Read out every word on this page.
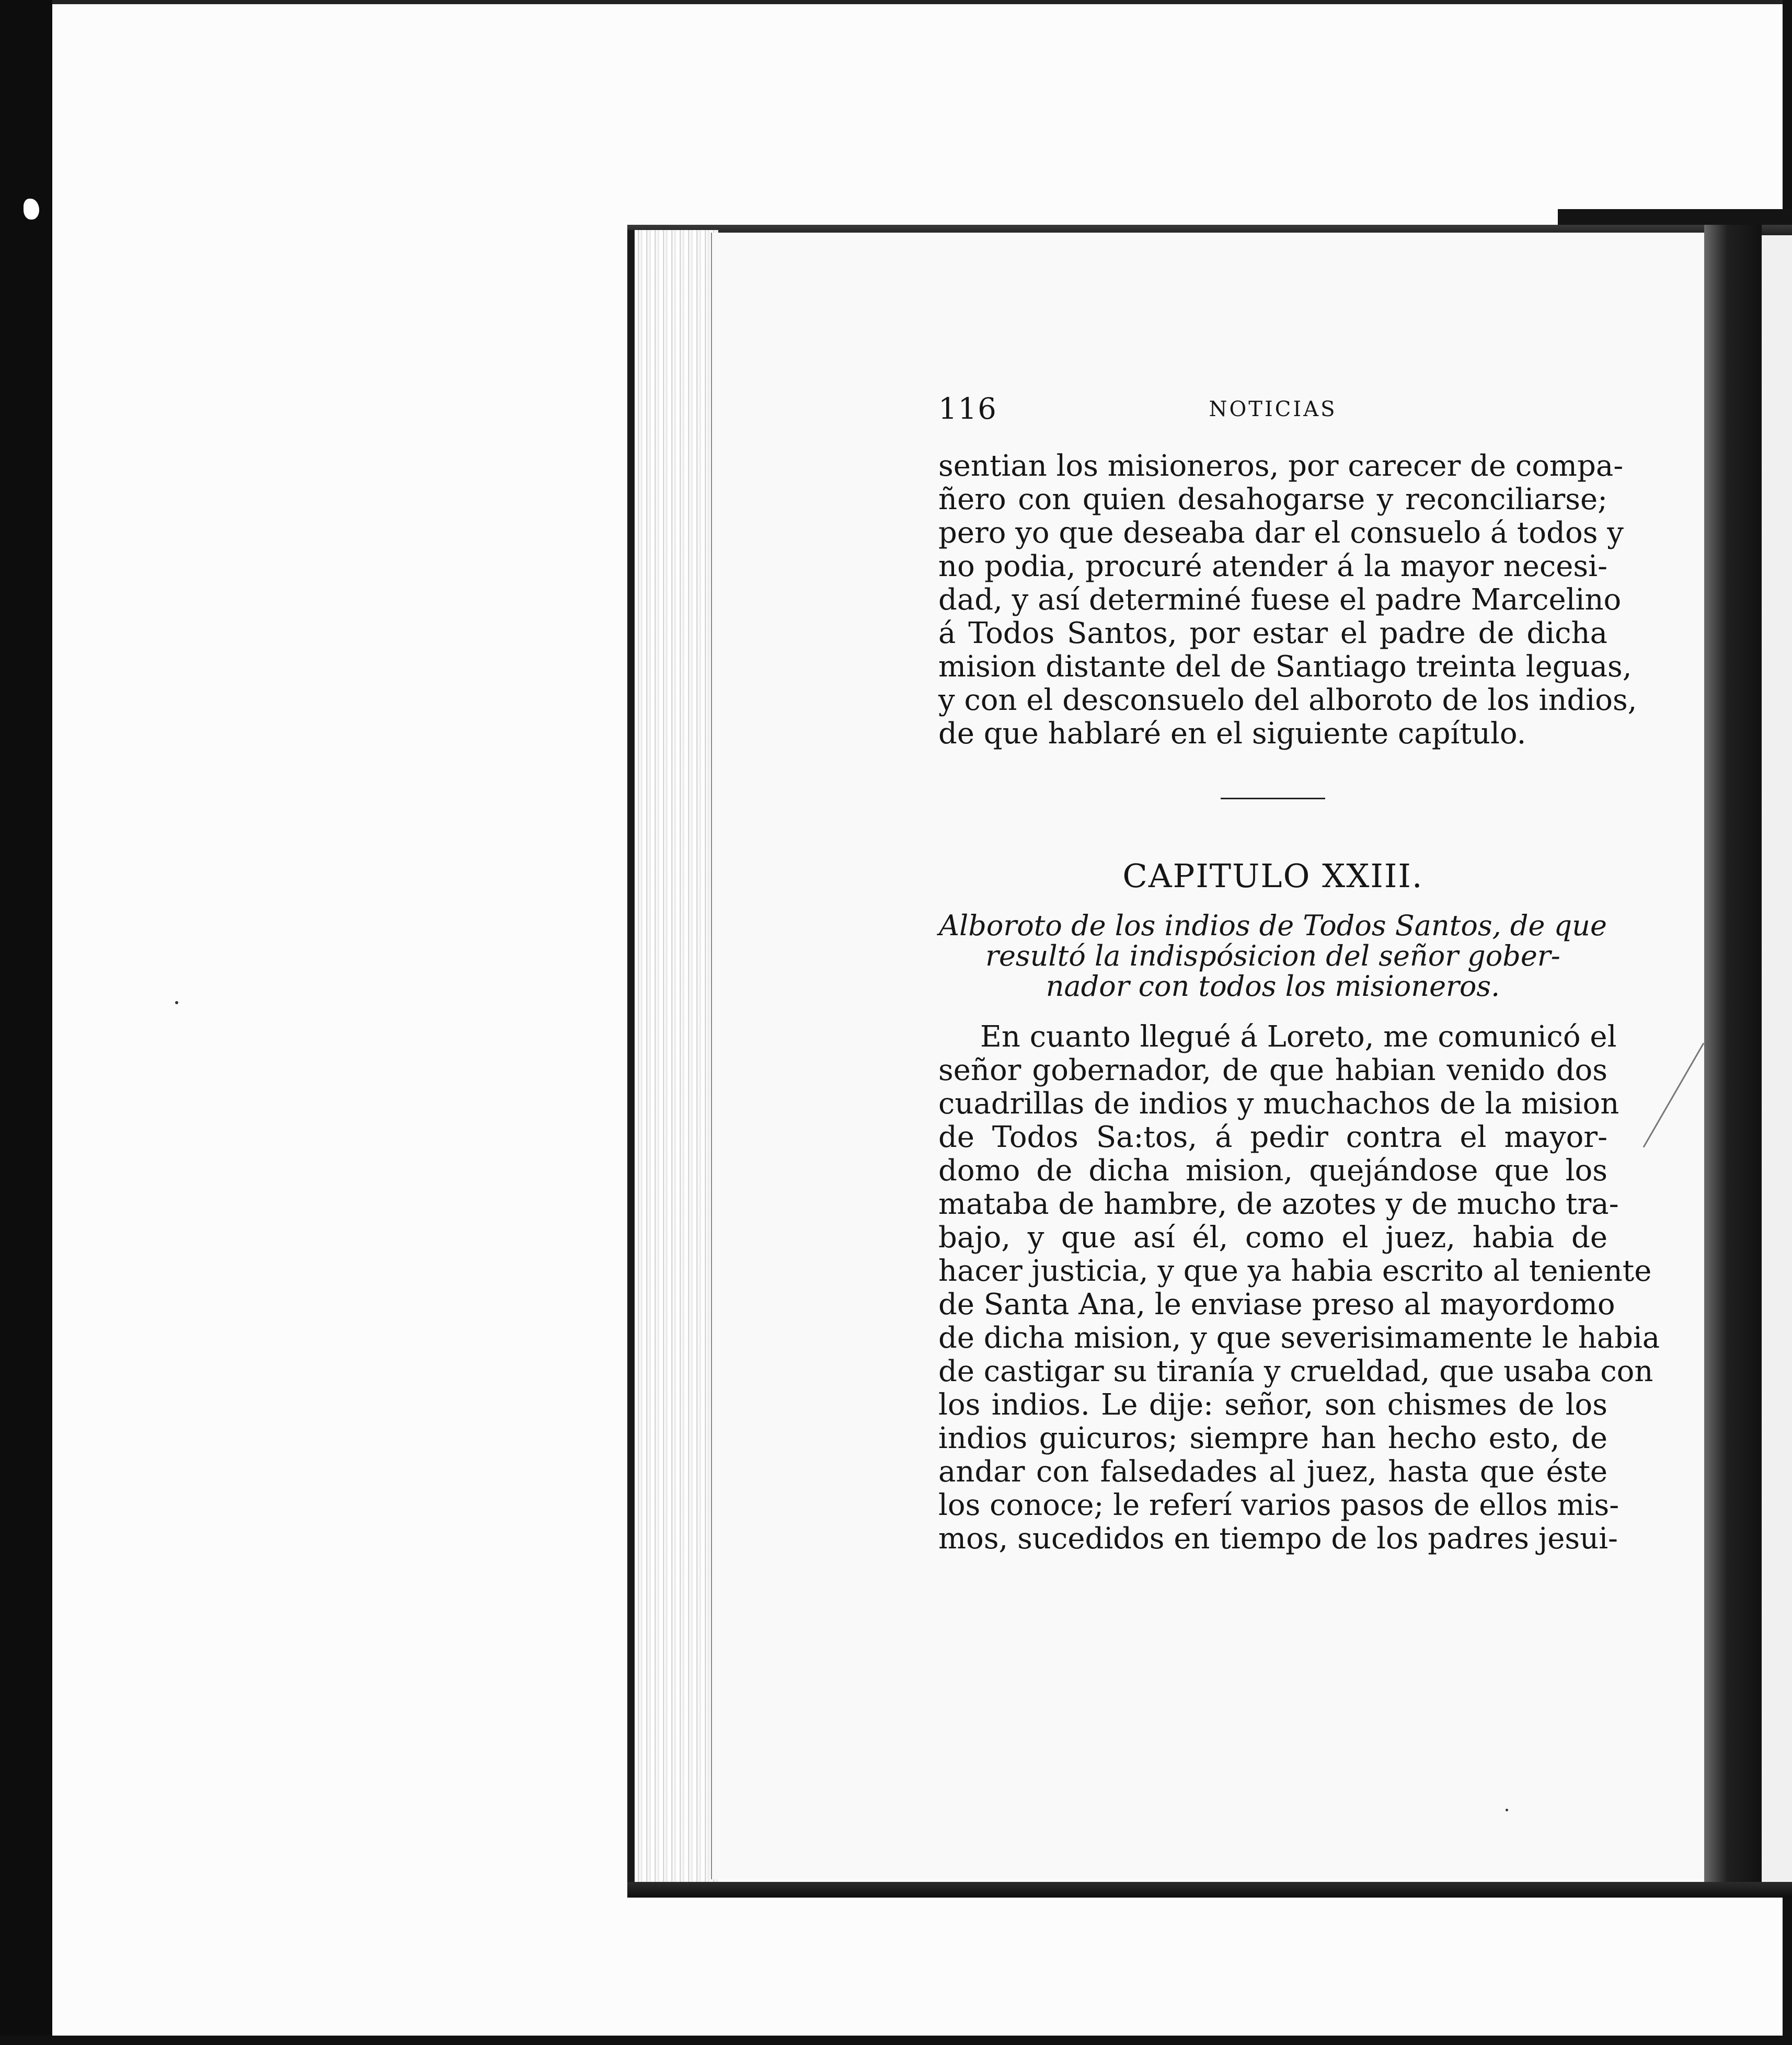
116	NOTICIAS

sentian los misioneros, por carecer de compa-
ñero con quien desahogarse y reconciliarse;
pero yo que deseaba dar el consuelo á todos y
no podia, procuré atender á la mayor necesi-
dad, y así determiné fuese el padre Marcelino
á Todos Santos, por estar el padre de dicha
mision distante del de Santiago treinta leguas,
y con el desconsuelo del alboroto de los indios,
de que hablaré en el siguiente capítulo.

CAPITULO XXIII.
Alboroto de los indios de Todos Santos, de que
resultó la indispósicion del señor gober-
nador con todos los misioneros.

En cuanto llegué á Loreto, me comunicó el
señor gobernador, de que habian venido dos
cuadrillas de indios y muchachos de la mision
de Todos Sa:tos, á pedir contra el mayor-
domo de dicha mision, quejándose que los
mataba de hambre, de azotes y de mucho tra-
bajo, y que así él, como el juez, habia de
hacer justicia, y que ya habia escrito al teniente
de Santa Ana, le enviase preso al mayordomo
de dicha mision, y que severisimamente le habia
de castigar su tiranía y crueldad, que usaba con
los indios. Le dije: señor, son chismes de los
indios guicuros; siempre han hecho esto, de
andar con falsedades al juez, hasta que éste
los conoce; le referí varios pasos de ellos mis-
mos, sucedidos en tiempo de los padres jesui-
